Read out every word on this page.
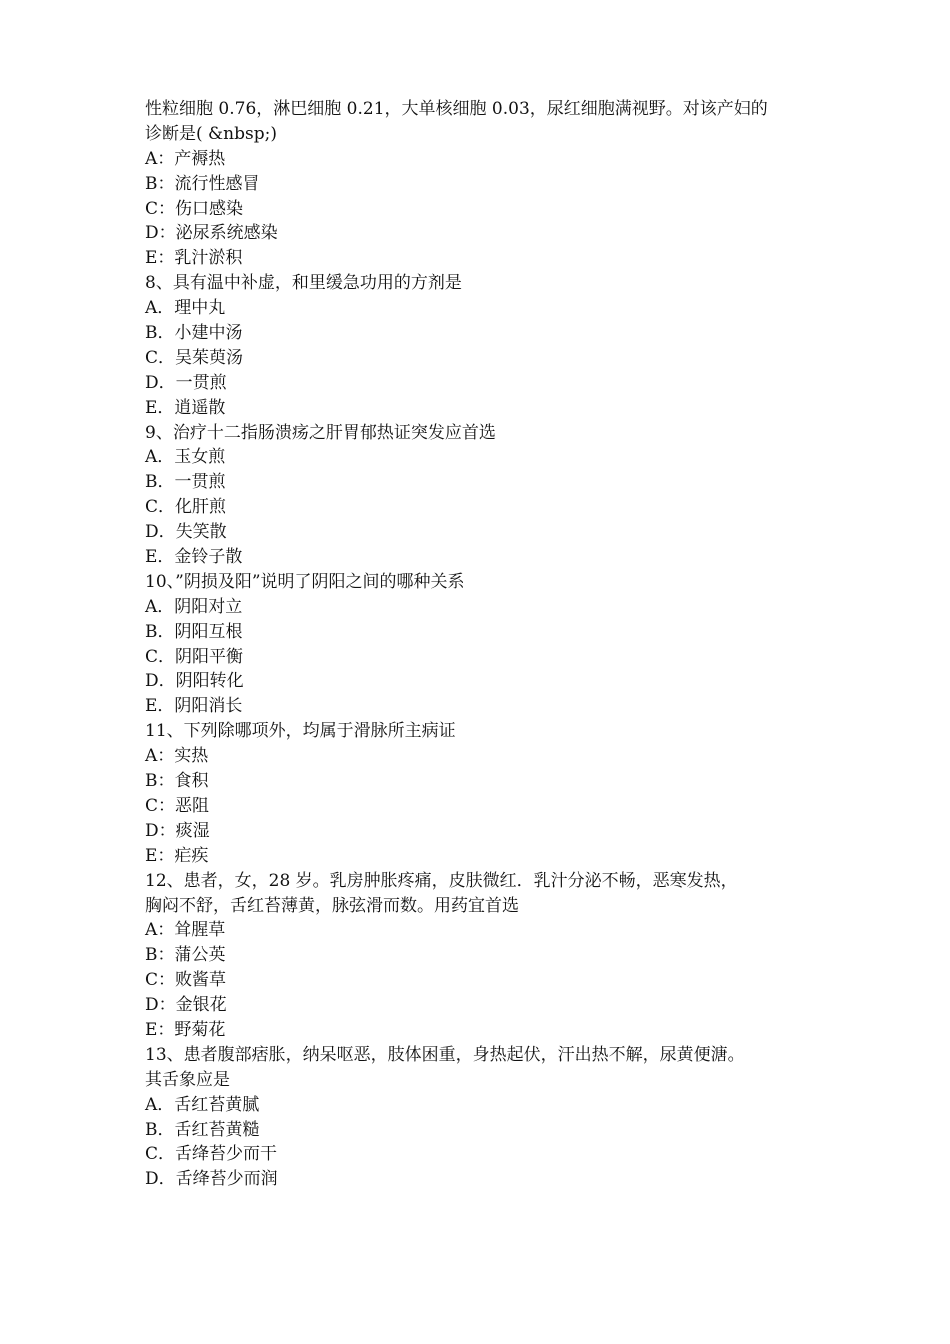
性粒细胞 0.76，淋巴细胞 0.21，大单核细胞 0.03，尿红细胞满视野。对该产妇的
诊断是( &nbsp;)
A：产褥热
B：流行性感冒
C：伤口感染
D：泌尿系统感染
E：乳汁淤积
8、具有温中补虚，和里缓急功用的方剂是
A．理中丸
B．小建中汤
C．吴茱萸汤
D．一贯煎
E．逍遥散
9、治疗十二指肠溃疡之肝胃郁热证突发应首选
A．玉女煎
B．一贯煎
C．化肝煎
D．失笑散
E．金铃子散
10、”阴损及阳”说明了阴阳之间的哪种关系
A．阴阳对立
B．阴阳互根
C．阴阳平衡
D．阴阳转化
E．阴阳消长
11、下列除哪项外，均属于滑脉所主病证
A：实热
B：食积
C：恶阻
D：痰湿
E：疟疾
12、患者，女，28 岁。乳房肿胀疼痛，皮肤微红．乳汁分泌不畅，恶寒发热，
胸闷不舒，舌红苔薄黄，脉弦滑而数。用药宜首选
A：耸腥草
B：蒲公英
C：败酱草
D：金银花
E：野菊花
13、患者腹部痞胀，纳呆呕恶，肢体困重，身热起伏，汗出热不解，尿黄便溏。
其舌象应是
A．舌红苔黄腻
B．舌红苔黄糙
C．舌绛苔少而干
D．舌绛苔少而润
